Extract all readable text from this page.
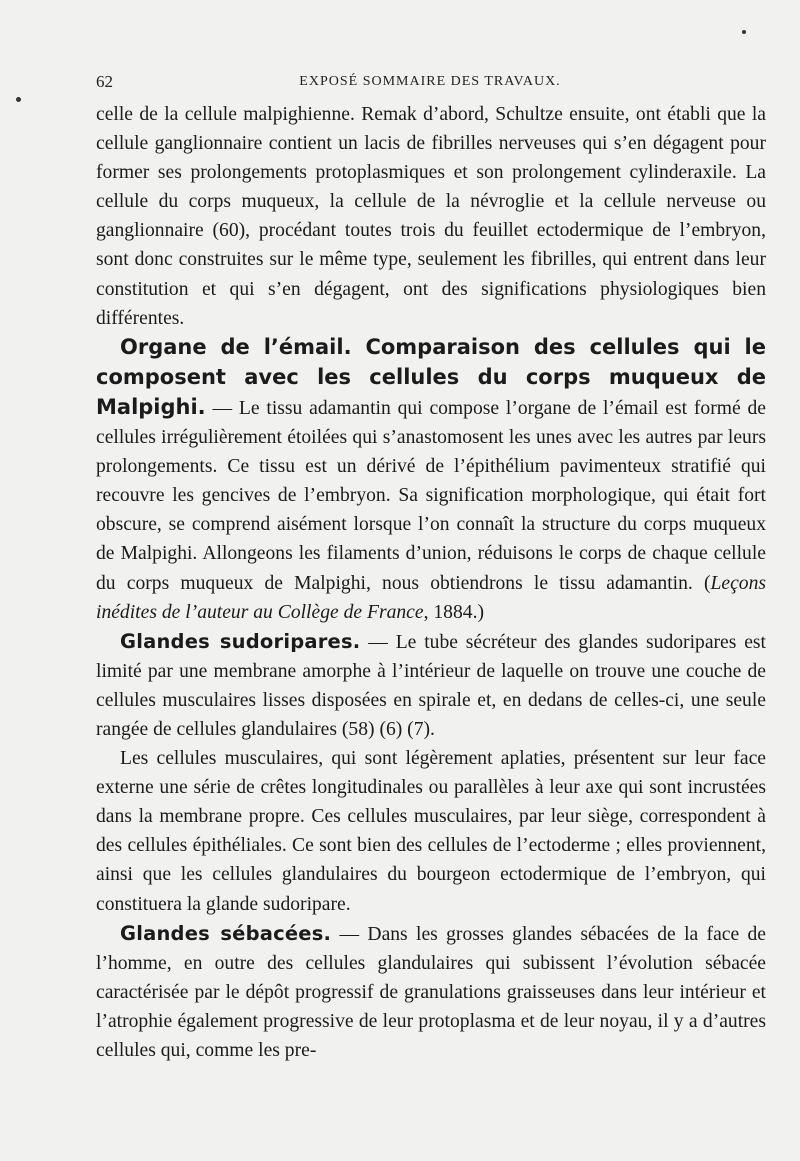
62	EXPOSÉ SOMMAIRE DES TRAVAUX.

celle de la cellule malpighienne. Remak d’abord, Schultze ensuite, ont établi que la cellule ganglionnaire contient un lacis de fibrilles nerveuses qui s’en dégagent pour former ses prolongements protoplasmiques et son prolongement cylinderaxile. La cellule du corps muqueux, la cellule de la névroglie et la cellule nerveuse ou ganglionnaire (60), procédant toutes trois du feuillet ectodermique de l’embryon, sont donc construites sur le même type, seulement les fibrilles, qui entrent dans leur constitution et qui s’en dégagent, ont des significations physiologiques bien différentes.

Organe de l’émail. Comparaison des cellules qui le composent avec les cellules du corps muqueux de Malpighi. — Le tissu adamantin qui compose l’organe de l’émail est formé de cellules irrégulièrement étoilées qui s’anastomosent les unes avec les autres par leurs prolongements. Ce tissu est un dérivé de l’épithélium pavimenteux stratifié qui recouvre les gencives de l’embryon. Sa signification morphologique, qui était fort obscure, se comprend aisément lorsque l’on connaît la structure du corps muqueux de Malpighi. Allongeons les filaments d’union, réduisons le corps de chaque cellule du corps muqueux de Malpighi, nous obtiendrons le tissu adamantin. (Leçons inédites de l’auteur au Collège de France, 1884.)

Glandes sudoripares. — Le tube sécréteur des glandes sudoripares est limité par une membrane amorphe à l’intérieur de laquelle on trouve une couche de cellules musculaires lisses disposées en spirale et, en dedans de celles-ci, une seule rangée de cellules glandulaires (58) (6) (7).

Les cellules musculaires, qui sont légèrement aplaties, présentent sur leur face externe une série de crêtes longitudinales ou parallèles à leur axe qui sont incrustées dans la membrane propre. Ces cellules musculaires, par leur siège, correspondent à des cellules épithéliales. Ce sont bien des cellules de l’ectoderme ; elles proviennent, ainsi que les cellules glandulaires du bourgeon ectodermique de l’embryon, qui constituera la glande sudoripare.

Glandes sébacées. — Dans les grosses glandes sébacées de la face de l’homme, en outre des cellules glandulaires qui subissent l’évolution sébacée caractérisée par le dépôt progressif de granulations graisseuses dans leur intérieur et l’atrophie également progressive de leur protoplasma et de leur noyau, il y a d’autres cellules qui, comme les pre-
